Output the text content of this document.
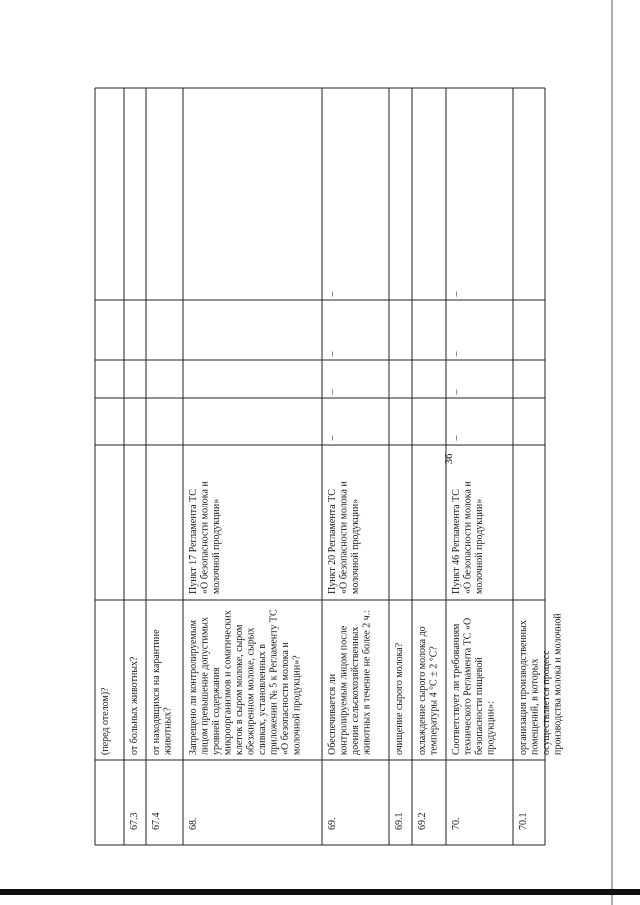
36
(перед отелом)?
67.3
от больных животных?
67.4
от находящихся на карантине животных?
68.
Запрещено ли контролируемым лицом превышение допустимых уровней содержания микроорганизмов и соматических клеток в сыром молоке, сыром обезжиренном молоке, сырых сливках, установленных в приложении № 5 к Регламенту ТС «О безопасности молока и молочной продукции»?
Пункт 17 Регламента ТС «О безопасности молока и молочной продукции»
69.
Обеспечивается ли контролируемым лицом после доения сельскохозяйственных животных в течение не более 2 ч.:
Пункт 20 Регламента ТС «О безопасности молока и молочной продукции»
–
–
–
–
69.1
очищение сырого молока?
69.2
охлаждение сырого молока до температуры 4 °С ± 2 °С?
70.
Соответствует ли требованиям технического Регламента ТС «О безопасности пищевой продукции»:
Пункт 46 Регламента ТС «О безопасности молока и молочной продукции»
–
–
–
–
70.1
организация производственных помещений, в которых осуществляется процесс производства молока и молочной
